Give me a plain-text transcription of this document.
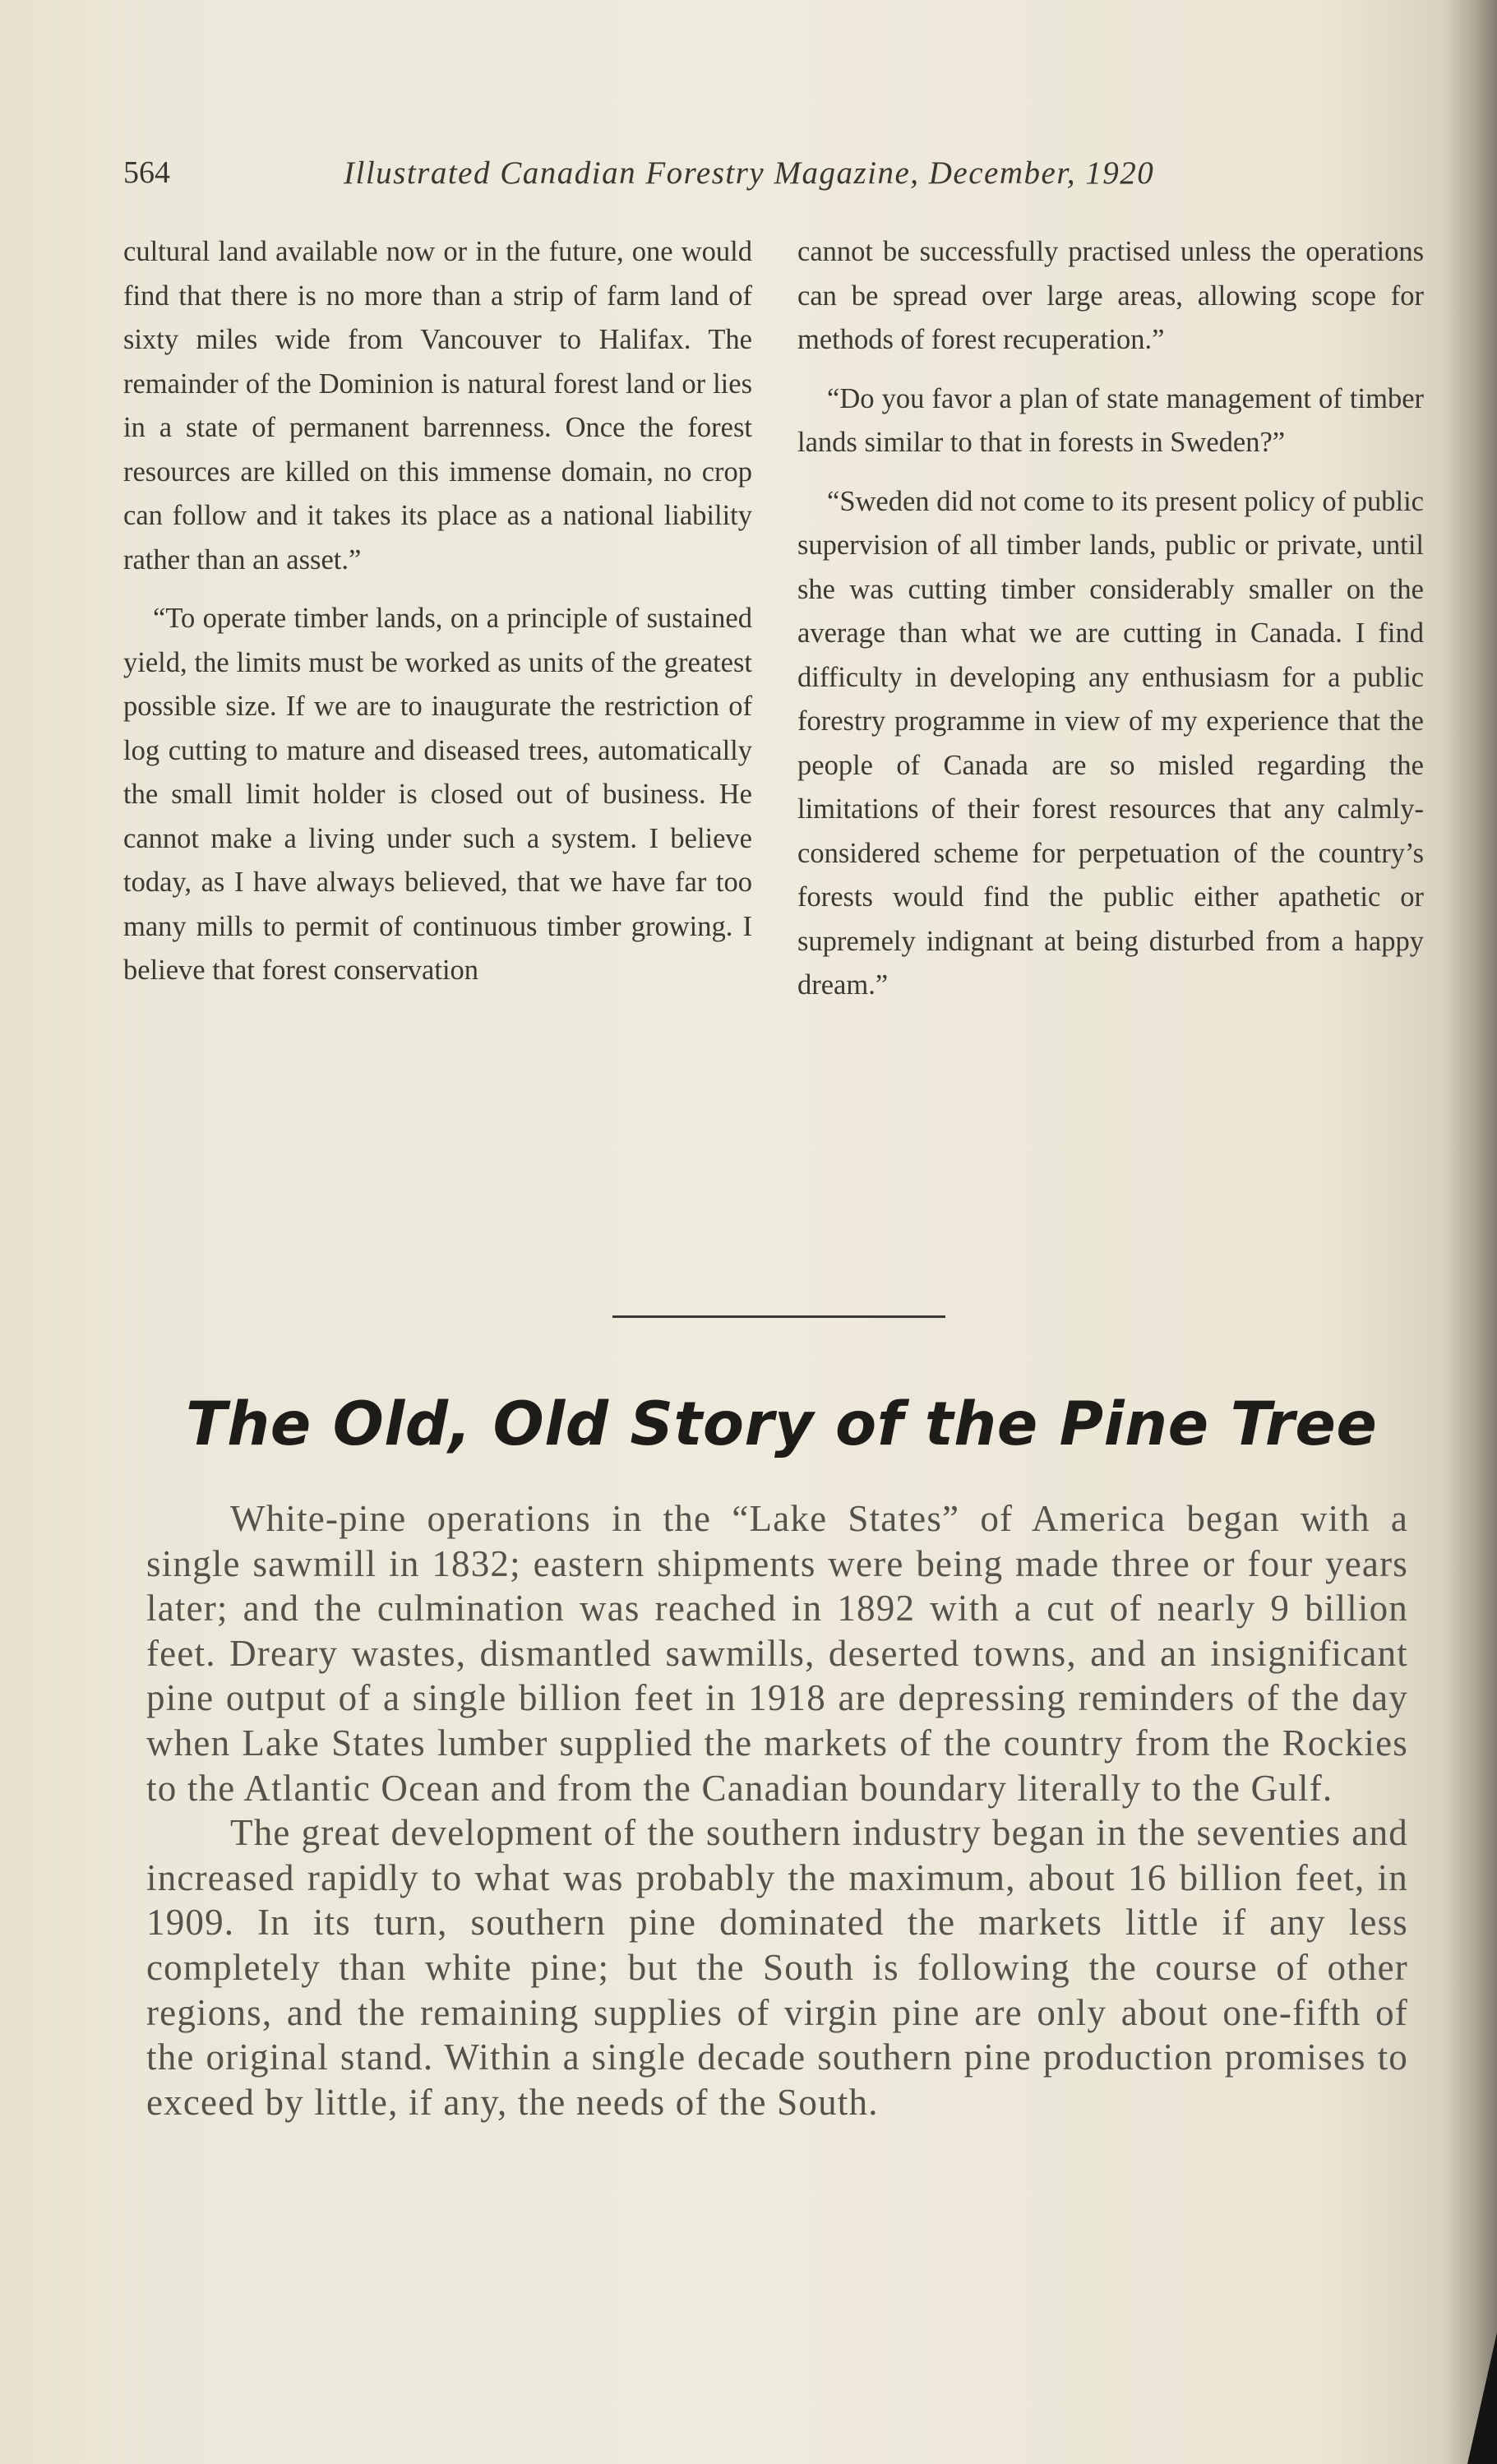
564	Illustrated Canadian Forestry Magazine, December, 1920

cultural land available now or in the future, one would find that there is no more than a strip of farm land of sixty miles wide from Vancouver to Halifax. The remainder of the Dominion is natural forest land or lies in a state of permanent barrenness. Once the forest resources are killed on this immense domain, no crop can follow and it takes its place as a national liability rather than an asset.”

“To operate timber lands, on a principle of sustained yield, the limits must be worked as units of the greatest possible size. If we are to inaugurate the restriction of log cutting to mature and diseased trees, automatically the small limit holder is closed out of business. He cannot make a living under such a system. I believe today, as I have always believed, that we have far too many mills to permit of continuous timber growing. I believe that forest conservation

cannot be successfully practised unless the operations can be spread over large areas, allowing scope for methods of forest recuperation.”

“Do you favor a plan of state management of timber lands similar to that in forests in Sweden?”

“Sweden did not come to its present policy of public supervision of all timber lands, public or private, until she was cutting timber considerably smaller on the average than what we are cutting in Canada. I find difficulty in developing any enthusiasm for a public forestry programme in view of my experience that the people of Canada are so misled regarding the limitations of their forest resources that any calmly-considered scheme for perpetuation of the country’s forests would find the public either apathetic or supremely indignant at being disturbed from a happy dream.”

The Old, Old Story of the Pine Tree

White-pine operations in the “Lake States” of America began with a single sawmill in 1832; eastern shipments were being made three or four years later; and the culmination was reached in 1892 with a cut of nearly 9 billion feet. Dreary wastes, dismantled sawmills, deserted towns, and an insignificant pine output of a single billion feet in 1918 are depressing reminders of the day when Lake States lumber supplied the markets of the country from the Rockies to the Atlantic Ocean and from the Canadian boundary literally to the Gulf.

The great development of the southern industry began in the seventies and increased rapidly to what was probably the maximum, about 16 billion feet, in 1909. In its turn, southern pine dominated the markets little if any less completely than white pine; but the South is following the course of other regions, and the remaining supplies of virgin pine are only about one-fifth of the original stand. Within a single decade southern pine production promises to exceed by little, if any, the needs of the South.
